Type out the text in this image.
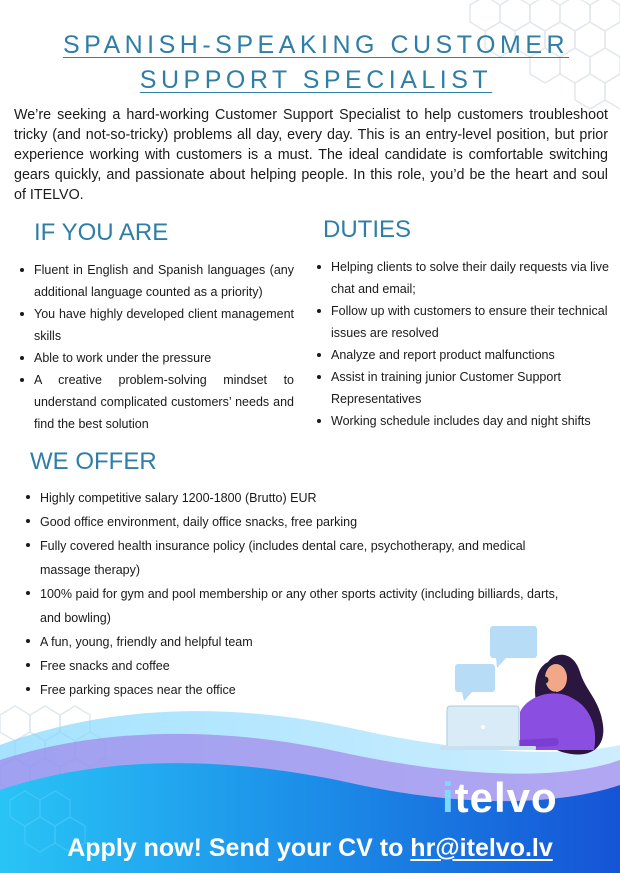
SPANISH-SPEAKING CUSTOMER
SUPPORT SPECIALIST

We’re seeking a hard-working Customer Support Specialist to help customers troubleshoot tricky (and not-so-tricky) problems all day, every day. This is an entry-level position, but prior experience working with customers is a must. The ideal candidate is comfortable switching gears quickly, and passionate about helping people. In this role, you’d be the heart and soul of ITELVO.

IF YOU ARE
Fluent in English and Spanish languages (any additional language counted as a priority)
You have highly developed client management skills
Able to work under the pressure
A creative problem-solving mindset to understand complicated customers’ needs and find the best solution
DUTIES
Helping clients to solve their daily requests via live chat and email;
Follow up with customers to ensure their technical issues are resolved
Analyze and report product malfunctions
Assist in training junior Customer Support Representatives
Working schedule includes day and night shifts
WE OFFER
Highly competitive salary 1200-1800 (Brutto) EUR
Good office environment, daily office snacks, free parking
Fully covered health insurance policy (includes dental care, psychotherapy, and medical massage therapy)
100% paid for gym and pool membership or any other sports activity (including billiards, darts, and bowling)
A fun, young, friendly and helpful team
Free snacks and coffee
Free parking spaces near the office
itelvo
Apply now! Send your CV to hr@itelvo.lv
